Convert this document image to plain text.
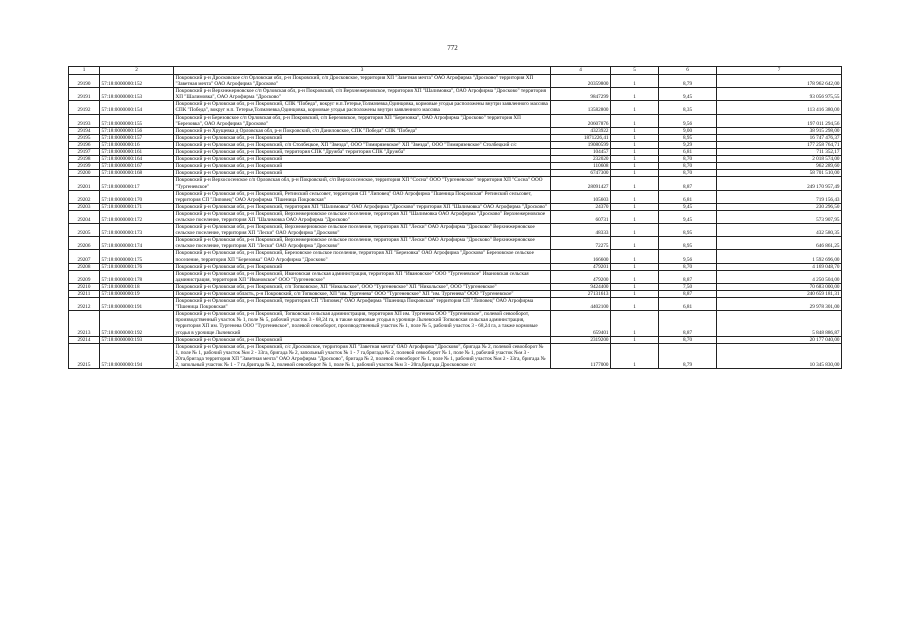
772
1	2	3	4	5	6	7
29190	57:18:0000000:152	Покровский р-н Дросковское с/п Орловская обл, р-н Покровский, с/п Дросковское, территория ХП "Заветная мечта" ОАО Агрофирма "Дросково" территория ХП "Заветная мечта" ОАО Агрофирма "Дросково"	20359800	1	8,79	178 962 642,00
29191	57:18:0000000:153	Покровский р-н Верхнежерновское с/п Орловская обл, р-н Покровский, с/п Верхнежерновское, территория ХП "Шалимовка", ОАО Агрофирма "Дросково" территория ХП "Шалимовка", ОАО Агрофирма "Дросково"	9847299	1	9,45	93 056 975,55
29192	57:18:0000000:154	Покровский р-н Орловская обл, р-н Покровский, СПК "Победа", вокруг н.п.Тетерье,Толмачевка,Одинцовка, кормовые угодья расположены внутри заявленного массива СПК "Победа", вокруг н.п. Тетерье,Толмачевка,Одинцовка, кормовые угодья расположены внутри заявленного массива	13582800	1	8,35	113 416 380,00
29193	57:18:0000000:155	Покровский р-н Березовское с/п Орловская обл, р-н Покровский, с/п Березовское, территория ХП "Березовка", ОАО Агрофирма "Дросково" территория ХП "Березовка", ОАО Агрофирма "Дросково"	20607876	1	9,56	197 011 294,56
29194	57:18:0000000:156	Покровский р-н Хрущевка д Орловская обл, р-н Покровский, с/п Даниловское, СПК "Победа" СПК "Победа"	4323922	1	9,00	38 915 298,00
29195	57:18:0000000:157	Покровский р-н Орловская обл, р-н Покровский	1871226,41	1	8,95	16 747 476,37
29196	57:18:0000000:16	Покровский р-н Орловская обл, р-н Покровский, с/п Столбецкое, ХП "Звезда", ООО "Тимирязевское" ХП "Звезда", ООО "Тимирязевское" Столбецкий с/с	19080599	1	9,29	177 258 764,71
29197	57:18:0000000:161	Покровский р-н Орловская обл, р-н Покровский, территория СПК "Дружба" территория СПК "Дружба"	104457	1	6,81	711 352,17
29198	57:18:0000000:164	Покровский р-н Орловская обл, р-н Покровский	232020	1	8,70	2 018 574,00
29199	57:18:0000000:167	Покровский р-н Орловская обл, р-н Покровский	110608	1	8,70	962 289,60
29200	57:18:0000000:168	Покровский р-н Орловская обл, р-н Покровский	6747300	1	8,70	58 701 510,00
29201	57:18:0000000:17	Покровский р-н Верхососенское с/п Орловская обл, р-н Покровский, с/п Верхососенское, территория ХП "Сосна" ООО "Тургеневское" территория ХП "Сосна" ООО "Тургеневское"	28091427	1	8,87	249 170 957,49
29202	57:18:0000000:170	Покровский р-н Орловская обл, р-н Покровский, Ретинский сельсовет, территория СП "Липовец" ОАО Агрофирма "Пшеница Покровская" Ретинский сельсовет, территория СП "Липовец" ОАО Агрофирма "Пшеница Покровская"	105603	1	6,81	719 156,43
29203	57:18:0000000:171	Покровский р-н Орловская обл, р-н Покровский, территория ХП "Шалимовка" ОАО Агрофирма "Дросково" территория ХП "Шалимовка" ОАО Агрофирма "Дросково"	24370	1	9,45	230 296,50
29204	57:18:0000000:172	Покровский р-н Орловская обл, р-н Покровский, Верхнежерновское сельское поселение, территория ХП "Шалимовка ОАО Агрофирма "Дросково" Верхнежерновское сельское поселение, территория ХП "Шалимовка ОАО Агрофирма "Дросково"	60731	1	9,45	573 907,95
29205	57:18:0000000:173	Покровский р-н Орловская обл, р-н Покровский, Верхнежерновское сельское поселение, территория ХП "Лески" ОАО Агрофирма "Дросково" Верхнежерновское сельское поселение, территория ХП "Лески" ОАО Агрофирма "Дросково"	48333	1	8,95	432 580,35
29206	57:18:0000000:174	Покровский р-н Орловская обл, р-н Покровский, Верхнежерновское сельское поселение, территория ХП "Лески" ОАО Агрофирма "Дросково" Верхнежерновское сельское поселение, территория ХП "Лески" ОАО Агрофирма "Дросково"	72275	1	8,95	646 861,25
29207	57:18:0000000:175	Покровский р-н Орловская обл, р-н Покровский, Березовское сельское поселение, территория ХП "Березовка" ОАО Агрофирма "Дросково" Березовское сельское поселение, территория ХП "Березовка" ОАО Агрофирма "Дросково"	166600	1	9,56	1 592 696,00
29208	57:18:0000000:176	Покровский р-н Орловская обл, р-н Покровский	479201	1	8,70	4 169 048,70
29209	57:18:0000000:178	Покровский р-н Орловская обл, р-н Покровский, Ивановская сельская администрация, территория ХП "Ивановское" ООО "Тургеневское" Ивановская сельская администрация, территория ХП "Ивановское" ООО "Тургеневское"	479200	1	8,87	4 250 504,00
29210	57:18:0000000:18	Покровский р-н Орловская обл, р-н Покровский, с/п Топковское, ХП "Никольское", ООО "Тургеневское" ХП "Никольское", ООО "Тургеневское"	9424400	1	7,50	70 683 000,00
29211	57:18:0000000:19	Покровский р-н Орловская область, р-н Покровский, с/п Топковское, ХП "им. Тургенева" ООО "Тургеневское" ХП "им. Тургенева" ООО "Тургеневское"	27131613	1	8,87	240 659 181,31
29212	57:18:0000000:191	Покровский р-н Орловская обл, р-н Покровский, территория СП "Липовец" ОАО Агрофирма "Пшеница Покровская" территория СП "Липовец" ОАО Агрофирма "Пшеница Покровская"	4402100	1	6,81	29 978 301,00
29213	57:18:0000000:192	Покровский р-н Орловская обл, р-н Покровский, Топковская сельская администрация, территория ХП им. Тургенева ООО "Тургеневское", полевой севооборот, производственный участок № 1, поле № 5, рабочий участок 3 - 68,24 га, в также кормовые угодья в урочище Лычевский Топковская сельская администрация, территория ХП им. Тургенева ООО "Тургеневское", полевой севооборот, производственный участок № 1, поле № 5, рабочий участок 3 - 68,24 га, а также кормовые угодья в урочище Лычевский	659401	1	8,87	5 848 886,87
29214	57:18:0000000:193	Покровский р-н Орловская обл, р-н Покровский	2319200	1	8,70	20 177 040,00
29215	57:18:0000000:194	Покровский р-н Орловская обл, р-н Покровский, с/с Дросковское, территория ХП "Заветная мечта" ОАО Агрофирма "Дросково", бригада № 2, полевой севооборот № 1, поле № 1, рабочий участок №м 2 - 33га, бригада № 2, запольный участок № 1 - 7 га,бригада № 2, полевой севооборот № 1, поле № 1, рабочий участок №м 3 - 20га,бригада территория ХП "Заветная мечта" ОАО Агрофирма "Дросково", бригада № 2, полевой севооборот № 1, поле № 1, рабочий участок №м 2 - 33га, бригада № 2, запольный участок № 1 - 7 га,бригада № 2, полевой севооборот № 1, поле № 1, рабочий участок №м 3 - 20га,бригада Дросковское с/с	1177000	1	8,79	10 345 830,00
